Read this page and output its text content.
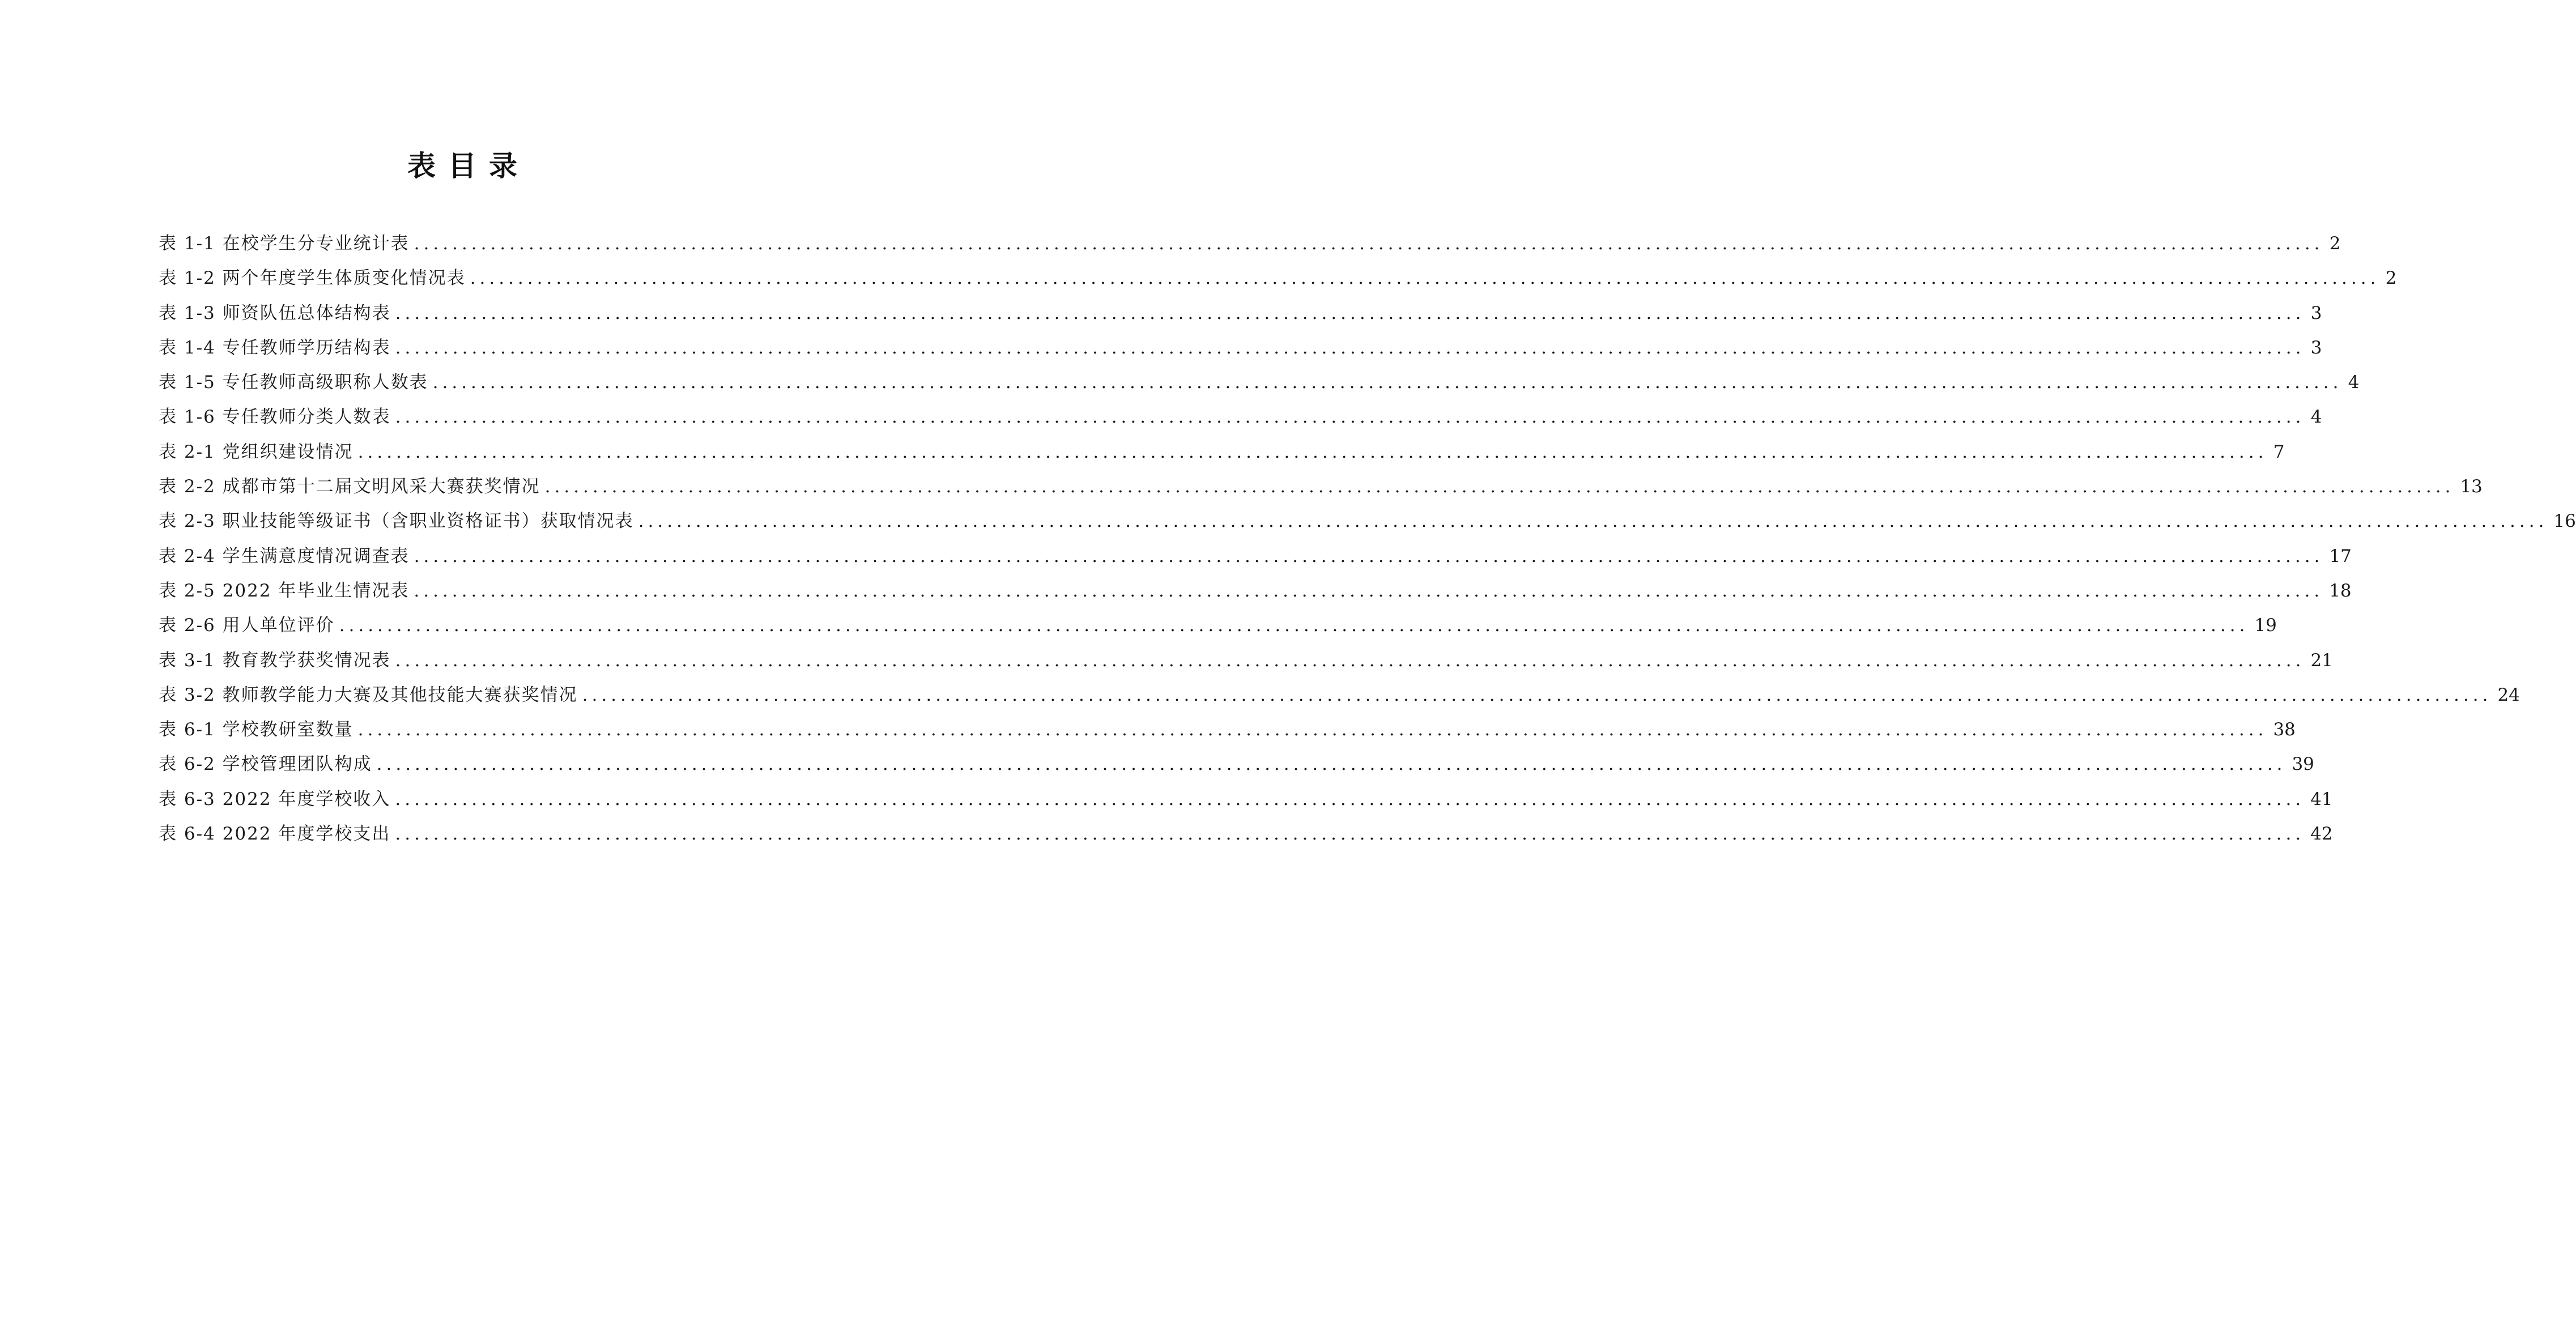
表目录
表 1-1 在校学生分专业统计表 ........................................................................................................................................................................................................ 2
表 1-2 两个年度学生体质变化情况表 ........................................................................................................................................................................................................ 2
表 1-3 师资队伍总体结构表 ........................................................................................................................................................................................................ 3
表 1-4 专任教师学历结构表 ........................................................................................................................................................................................................ 3
表 1-5 专任教师高级职称人数表 ........................................................................................................................................................................................................ 4
表 1-6 专任教师分类人数表 ........................................................................................................................................................................................................ 4
表 2-1 党组织建设情况 ........................................................................................................................................................................................................ 7
表 2-2 成都市第十二届文明风采大赛获奖情况 ........................................................................................................................................................................................................ 13
表 2-3 职业技能等级证书（含职业资格证书）获取情况表 ........................................................................................................................................................................................................ 16
表 2-4 学生满意度情况调查表 ........................................................................................................................................................................................................ 17
表 2-5 2022 年毕业生情况表 ........................................................................................................................................................................................................ 18
表 2-6 用人单位评价 ........................................................................................................................................................................................................ 19
表 3-1 教育教学获奖情况表 ........................................................................................................................................................................................................ 21
表 3-2 教师教学能力大赛及其他技能大赛获奖情况 ........................................................................................................................................................................................................ 24
表 6-1 学校教研室数量 ........................................................................................................................................................................................................ 38
表 6-2 学校管理团队构成 ........................................................................................................................................................................................................ 39
表 6-3 2022 年度学校收入 ........................................................................................................................................................................................................ 41
表 6-4 2022 年度学校支出 ........................................................................................................................................................................................................ 42
